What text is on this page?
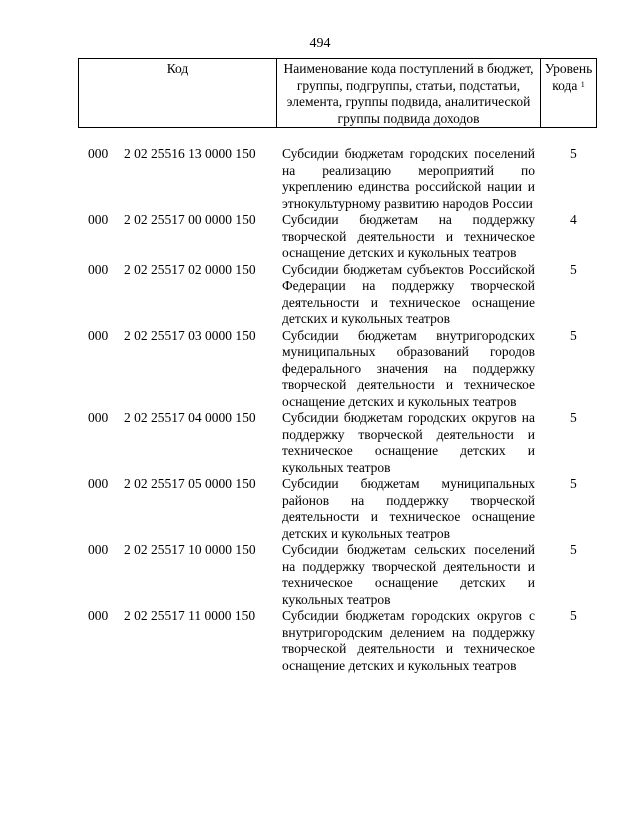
494
Код	Наименование кода поступлений в бюджет, группы, подгруппы, статьи, подстатьи, элемента, группы подвида, аналитической группы подвида доходов
Уровень кода $^1$
000 2 02 25516 13 0000 150 Субсидии бюджетам городских поселений на реализацию мероприятий по укреплению единства российской нации и этнокультурному развитию народов России
5
000 2 02 25517 00 0000 150 Субсидии бюджетам на поддержку творческой деятельности и техническое оснащение детских и кукольных театров
4
000 2 02 25517 02 0000 150 Субсидии бюджетам субъектов Российской Федерации на поддержку творческой деятельности и техническое оснащение детских и кукольных театров
5
000 2 02 25517 03 0000 150 Субсидии бюджетам внутригородских муниципальных образований городов федерального значения на поддержку творческой деятельности и техническое оснащение детских и кукольных театров
5
000 2 02 25517 04 0000 150 Субсидии бюджетам городских округов на поддержку творческой деятельности и техническое оснащение детских и кукольных театров
5
000 2 02 25517 05 0000 150 Субсидии бюджетам муниципальных районов на поддержку творческой деятельности и техническое оснащение детских и кукольных театров
5
000 2 02 25517 10 0000 150 Субсидии бюджетам сельских поселений на поддержку творческой деятельности и техническое оснащение детских и кукольных театров
5
000 2 02 25517 11 0000 150 Субсидии бюджетам городских округов с внутригородским делением на поддержку творческой деятельности и техническое оснащение детских и кукольных театров
5
